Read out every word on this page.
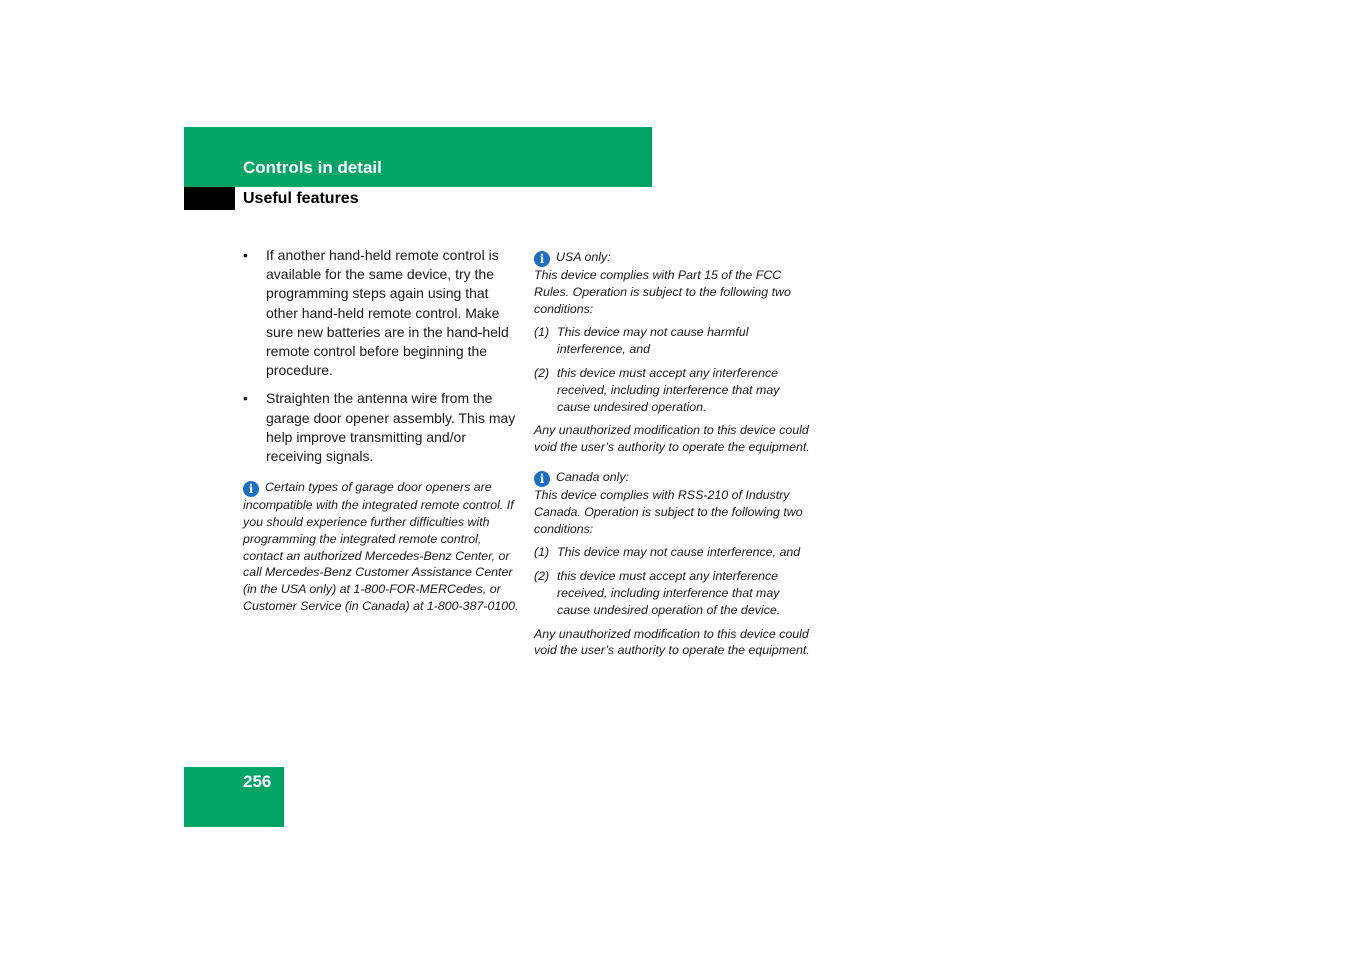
Controls in detail
Useful features
• If another hand-held remote control is available for the same device, try the programming steps again using that other hand-held remote control. Make sure new batteries are in the hand-held remote control before beginning the procedure.
• Straighten the antenna wire from the garage door opener assembly. This may help improve transmitting and/or receiving signals.
i Certain types of garage door openers are incompatible with the integrated remote control. If you should experience further difficulties with programming the integrated remote control, contact an authorized Mercedes-Benz Center, or call Mercedes-Benz Customer Assistance Center (in the USA only) at 1-800-FOR-MERCedes, or Customer Service (in Canada) at 1-800-387-0100.
i USA only:
This device complies with Part 15 of the FCC Rules. Operation is subject to the following two conditions:
(1) This device may not cause harmful interference, and
(2) this device must accept any interference received, including interference that may cause undesired operation.
Any unauthorized modification to this device could void the user’s authority to operate the equipment.
i Canada only:
This device complies with RSS-210 of Industry Canada. Operation is subject to the following two conditions:
(1) This device may not cause interference, and
(2) this device must accept any interference received, including interference that may cause undesired operation of the device.
Any unauthorized modification to this device could void the user’s authority to operate the equipment.
256
